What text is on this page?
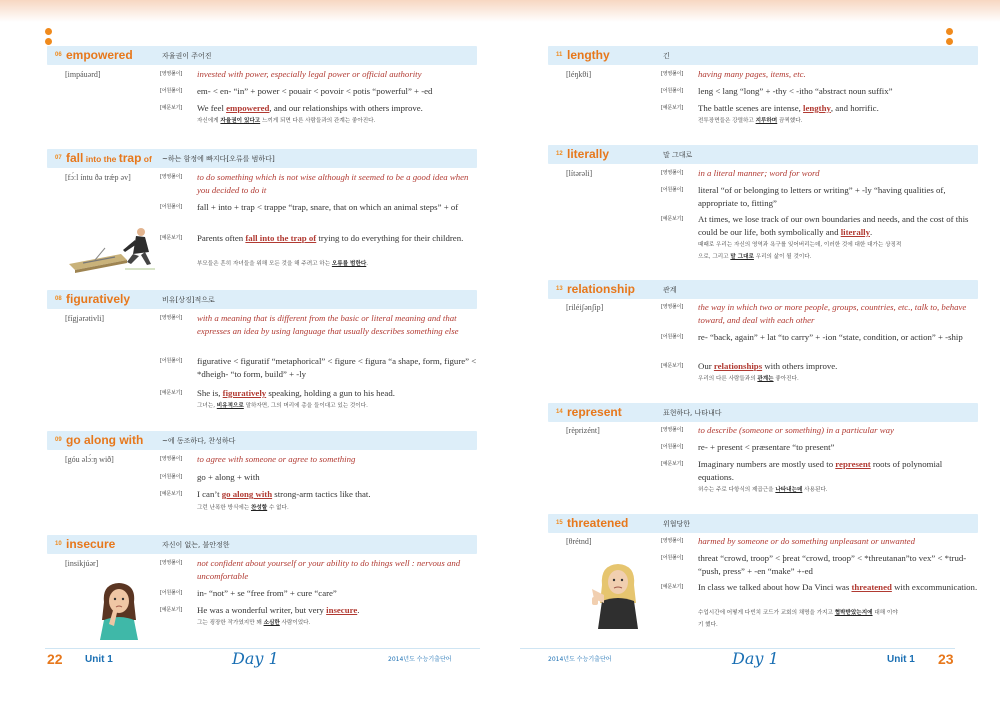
06 empowered	자율권이 주어진
[impáuərd]	[영영풀이] invested with power, especially legal power or official authority
[어원풀이] em- < en- “in” + power < pouair < povoir < potis “powerful” + -ed
[예문보기] We feel empowered, and our relationships with others improve.
자신에게 자율권이 있다고 느끼게 되면 다른 사람들과의 관계는 좋아진다.
07 fall into the trap of ~하는 함정에 빠지다[오류를 범하다]
[fɔ́ːl íntu ðə trǽp əv]	[영영풀이] to do something which is not wise although it seemed to be a good idea when you decided to do it
[어원풀이] fall + into + trap < trappe “trap, snare, that on which an animal steps” + of
[예문보기] Parents often fall into the trap of trying to do everything for their children.
부모들은 흔히 자녀들을 위해 모든 것을 해 주려고 하는 오류를 범한다.
08 figuratively	비유[상징]적으로
[fígjərətivli]	[영영풀이] with a meaning that is different from the basic or literal meaning and that expresses an idea by using language that usually describes something else
[어원풀이] figurative < figuratif “metaphorical” < figure < figura “a shape, form, figure” < *dheigh- “to form, build” + -ly
[예문보기] She is, figuratively speaking, holding a gun to his head.
그녀는, 비유적으로 말하자면, 그의 머리에 총을 들이대고 있는 것이다.
09 go along with	~에 동조하다, 찬성하다
[góu əlɔ́ːŋ wið]	[영영풀이] to agree with someone or agree to something
[어원풀이] go + along + with
[예문보기] I can’t go along with strong-arm tactics like that.
그런 난폭한 방식에는 찬성할 수 없다.
10 insecure	자신이 없는, 불안정한
[insikjúər]	[영영풀이] not confident about yourself or your ability to do things well : nervous and uncomfortable
[어원풀이] in- “not” + se “free from” + cure “care”
[예문보기] He was a wonderful writer, but very insecure.
그는 굉장한 작가였지만 꽤 소심한 사람이었다.
22 Unit 1	Day 1	2014년도 수능기출단어
11 lengthy	긴
[léŋkθi]	[영영풀이] having many pages, items, etc.
[어원풀이] leng < lang “long” + -thy < -itho “abstract noun suffix”
[예문보기] The battle scenes are intense, lengthy, and horrific.
전투장면들은 강렬하고 지루하며 끔찍했다.
12 literally	말 그대로
[lítərəli]	[영영풀이] in a literal manner; word for word
[어원풀이] literal “of or belonging to letters or writing” + -ly “having qualities of, appropriate to, fitting”
[예문보기] At times, we lose track of our own boundaries and needs, and the cost of this could be our life, both symbolically and literally.
때때로 우리는 자신의 영역과 욕구를 잊어버리는데, 이러한 것에 대한 대가는 상징적
으로, 그리고 말 그대로 우리의 삶이 될 것이다.
13 relationship	관계
[riléiʃənʃìp]	[영영풀이] the way in which two or more people, groups, countries, etc., talk to, behave toward, and deal with each other
[어원풀이] re- “back, again” + lat “to carry” + -ion “state, condition, or action” + -ship
[예문보기] Our relationships with others improve.
우리의 다른 사람들과의 관계는 좋아진다.
14 represent	표현하다, 나타내다
[rèprizént]	[영영풀이] to describe (someone or something) in a particular way
[어원풀이] re- + present < præsentare “to present”
[예문보기] Imaginary numbers are mostly used to represent roots of polynomial equations.
허수는 주로 다항식의 제곱근을 나타내는데 사용된다.
15 threatened	위협당한
[θrétnd]	[영영풀이] harmed by someone or do something unpleasant or unwanted
[어원풀이] threat “crowd, troop” < þreat “crowd, troop” < *threutanan”to vex” < *trud- “push, press” + -en “make” +-ed
[예문보기] In class we talked about how Da Vinci was threatened with excommunication.
수업시간에 어떻게 다빈치 코드가 교회의 채명을 가지고 협박받았는지에 대해 이야
기 했다.
2014년도 수능기출단어	Day 1	Unit 1 23
